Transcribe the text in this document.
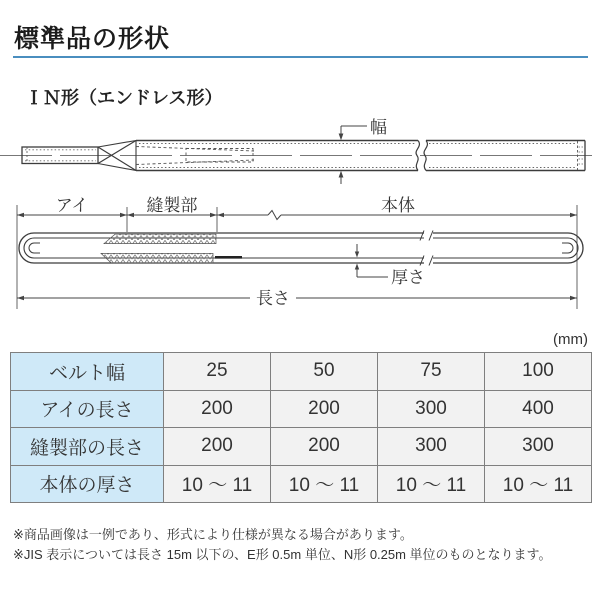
標準品の形状
ＩＮ形（エンドレス形）
幅
アイ	縫製部	本体
厚さ
長さ
(mm)
ベルト幅	25	50	75	100
アイの長さ	200	200	300	400
縫製部の長さ	200	200	300	300
本体の厚さ	10 〜 11	10 〜 11	10 〜 11	10 〜 11
※商品画像は一例であり、形式により仕様が異なる場合があります。
※JIS 表示については長さ 15m 以下の、E形 0.5m 単位、N形 0.25m 単位のものとなります。
